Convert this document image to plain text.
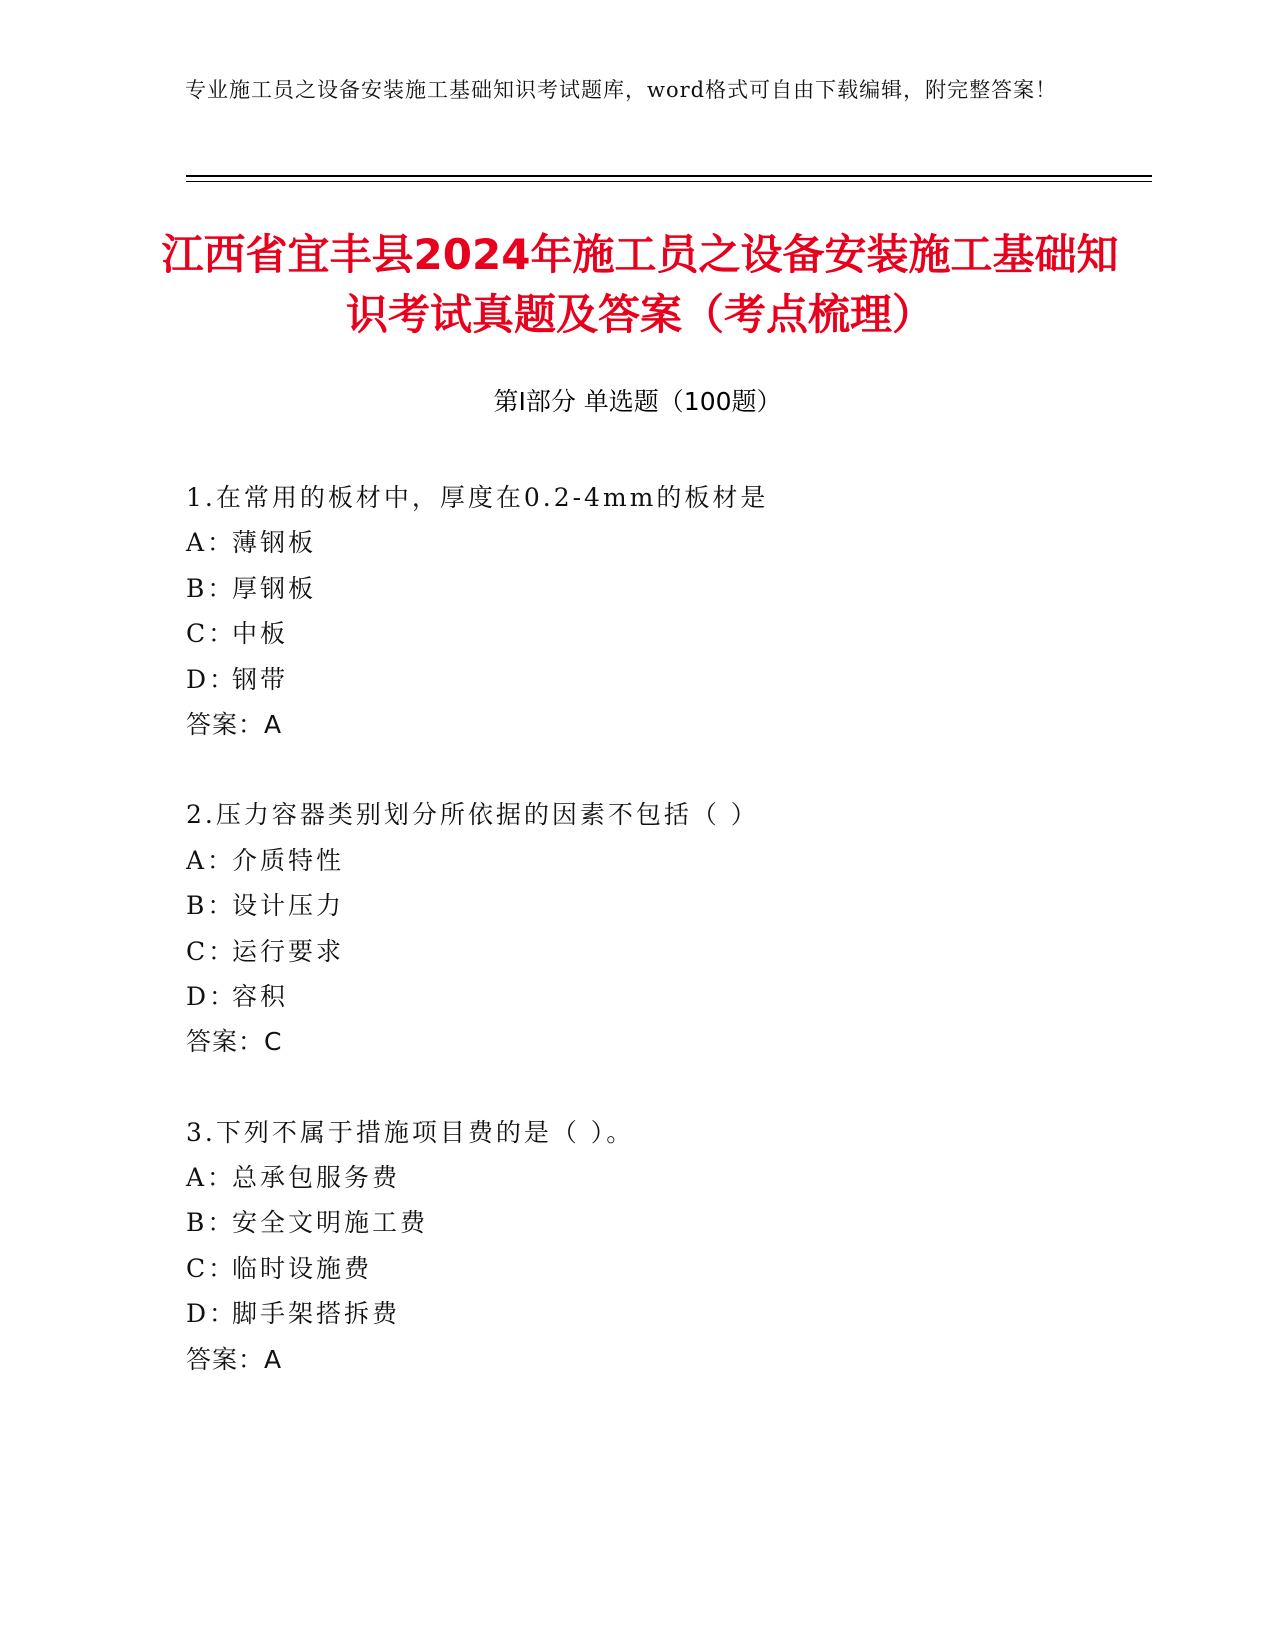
专业施工员之设备安装施工基础知识考试题库，word格式可自由下载编辑，附完整答案！
江西省宜丰县2024年施工员之设备安装施工基础知识考试真题及答案（考点梳理）
第Ⅰ部分 单选题（100题）
1.在常用的板材中，厚度在0.2-4mm的板材是
A：薄钢板
B：厚钢板
C：中板
D：钢带
答案：A
2.压力容器类别划分所依据的因素不包括（ ）
A：介质特性
B：设计压力
C：运行要求
D：容积
答案：C
3.下列不属于措施项目费的是（ ）。
A：总承包服务费
B：安全文明施工费
C：临时设施费
D：脚手架搭拆费
答案：A
